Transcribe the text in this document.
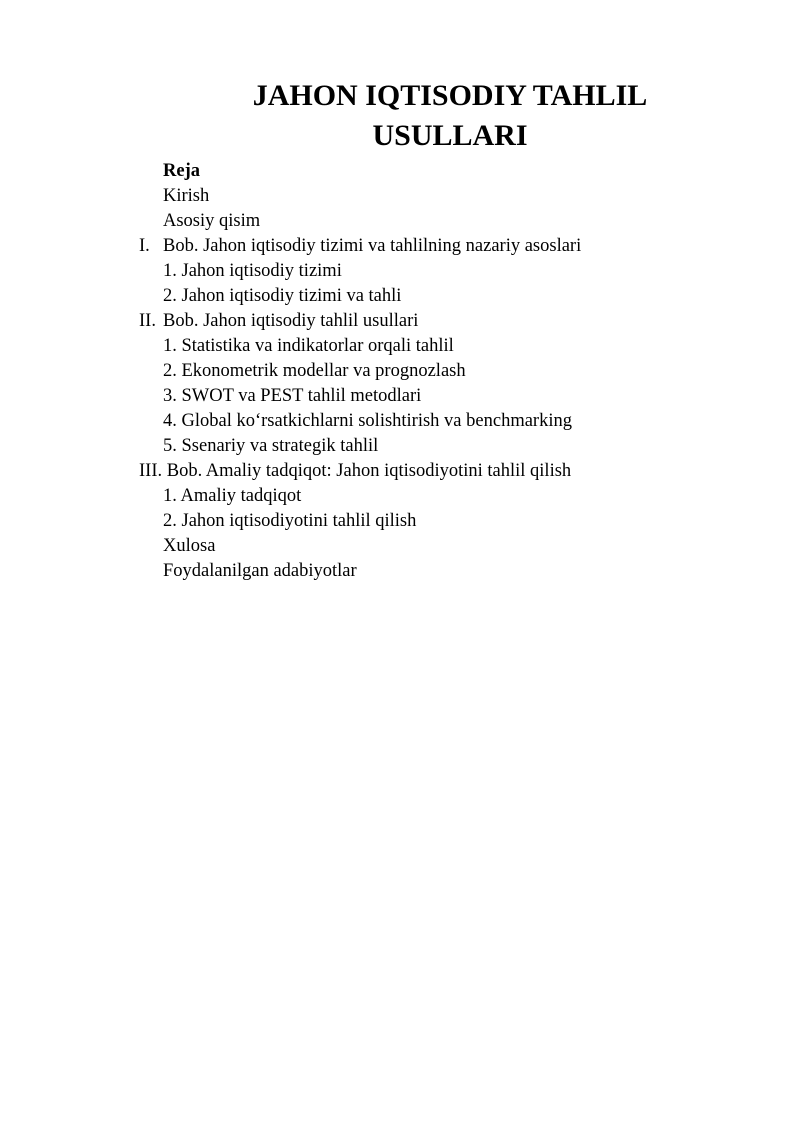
JAHON IQTISODIY TAHLIL
USULLARI
Reja
Kirish
Asosiy qisim
I. Bob. Jahon iqtisodiy tizimi va tahlilning nazariy asoslari
1. Jahon iqtisodiy tizimi
2. Jahon iqtisodiy tizimi va tahli
II. Bob. Jahon iqtisodiy tahlil usullari
1. Statistika va indikatorlar orqali tahlil
2. Ekonometrik modellar va prognozlash
3. SWOT va PEST tahlil metodlari
4. Global ko‘rsatkichlarni solishtirish va benchmarking
5. Ssenariy va strategik tahlil
III. Bob. Amaliy tadqiqot: Jahon iqtisodiyotini tahlil qilish
1. Amaliy tadqiqot
2. Jahon iqtisodiyotini tahlil qilish
Xulosa
Foydalanilgan adabiyotlar
